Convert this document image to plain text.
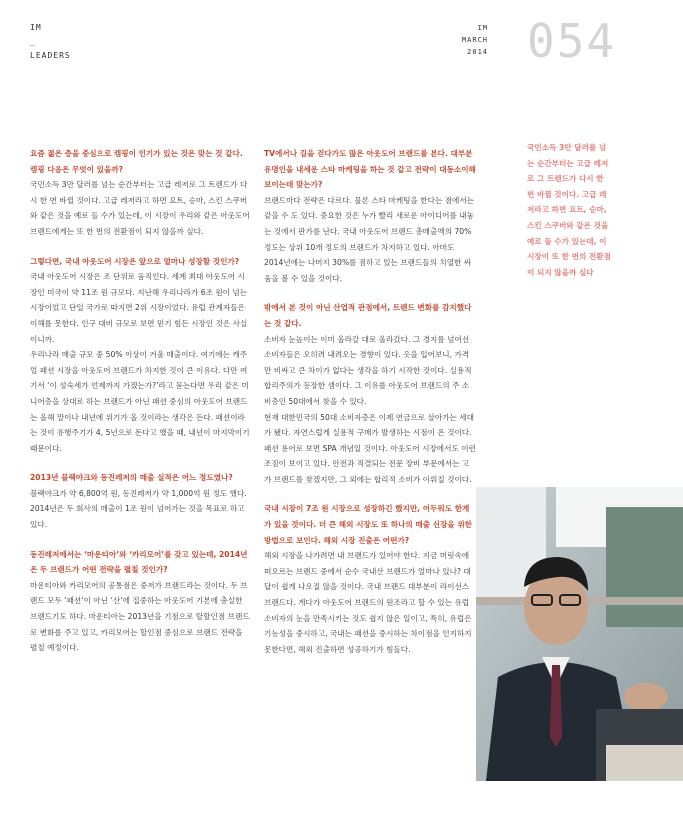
IM
_
LEADERS
IM
MARCH
2014 054
요즘 젊은 층을 중심으로 캠핑이 인기가 있는 것은 맞는 것 같다. 캠핑 다음은 무엇이 있을까?
국민소득 3만 달러를 넘는 순간부터는 고급 레저로 그 트렌드가 다시 한 번 바뀔 것이다. 고급 레저라고 하면 요트, 승마, 스킨 스쿠버와 같은 것을 예로 들 수가 있는데, 이 시장이 우리와 같은 아웃도어 브랜드에게는 또 한 번의 전환점이 되지 않을까 싶다.
그렇다면, 국내 아웃도어 시장은 앞으로 얼마나 성장할 것인가?
국내 아웃도어 시장은 조 단위로 움직인다. 세계 최대 아웃도어 시장인 미국이 약 11조 원 규모다. 지난해 우리나라가 6조 원이 넘는 시장이었고 단일 국가로 따지면 2위 시장이었다. 유럽 관계자들은 이해를 못한다. 인구 대비 규모로 보면 믿기 힘든 시장인 것은 사실이니까.
우리나라 매출 규모 중 50% 이상이 겨울 매출이다. 여기에는 캐주얼 패션 시장을 아웃도어 브랜드가 차지한 것이 큰 이유다. 다만 여기서 ‘이 성숙세가 언제까지 가겠는가?’라고 묻는다면 우리 같은 미니어층을 상대로 하는 브랜드가 아닌 패션 중심의 아웃도어 브랜드는 올해 말이나 내년에 위기가 올 것이라는 생각은 든다. 패션이라는 것이 유행주기가 4, 5년으로 돈다고 했을 때, 내년이 마지막이기 때문이다.
2013년 블랙야크와 동진레저의 매출 실적은 어느 정도였나?
블랙야크가 약 6,800억 원, 동진레저가 약 1,000억 원 정도 했다. 2014년은 두 회사의 매출이 1조 원이 넘어가는 것을 목표로 하고 있다.
동진레저에서는 ‘마운티아’와 ‘카리모어’를 갖고 있는데, 2014년은 두 브랜드가 어떤 전략을 펼칠 것인가?
마운티아와 카리모어의 공통점은 중저가 브랜드라는 것이다. 두 브랜드 모두 ‘패션’이 아닌 ‘산’에 집중하는 아웃도어 기본에 충실한 브랜드기도 하다. 마운티아는 2013년을 기점으로 탈할인점 브랜드로 변화를 주고 있고, 카리모어는 할인점 중심으로 브랜드 전략을 펼칠 예정이다.
TV에서나 길을 걷다가도 많은 아웃도어 브랜드를 본다. 대부분 유명인을 내세운 스타 마케팅을 하는 것 같고 전략이 대동소이해 보이는데 맞는가?
브랜드마다 전략은 다르다. 물론 스타 마케팅을 한다는 점에서는 같을 수 도 있다. 중요한 것은 누가 빨리 새로운 아이디어를 내놓는 것에서 판가름 난다. 국내 아웃도어 브랜드 총매출액의 70% 정도는 상위 10개 정도의 브랜드가 차지하고 있다. 아마도 2014년에는 나머지 30%를 점하고 있는 브랜드들의 치열한 싸움을 볼 수 있을 것이다.
밖에서 본 것이 아닌 산업적 관점에서, 트렌드 변화를 감지했다는 것 같다.
소비자 눈높이는 이미 올라갈 대로 올라갔다. 그 경지를 넘어선 소비자들은 오히려 내려오는 경향이 있다. 옷을 입어보니, 가격만 비싸고 큰 차이가 없다는 생각을 하기 시작한 것이다. 실용적 합리주의가 등장한 셈이다. 그 이유를 아웃도어 브랜드의 주 소비층인 50대에서 찾을 수 있다.
현재 대한민국의 50대 소비자층은 이제 연금으로 살아가는 세대가 됐다. 자연스럽게 실용적 구매가 발생하는 시점이 온 것이다. 패션 용어로 보면 SPA 개념일 것이다. 아웃도어 시장에서도 이런 조짐이 보이고 있다. 안전과 직결되는 전문 장비 부문에서는 고가 브랜드를 찾겠지만, 그 외에는 합리적 소비가 이뤄질 것이다.
국내 시장이 7조 원 시장으로 성장하긴 했지만, 어두워도 한계가 있을 것이다. 더 큰 해외 시장도 또 하나의 매출 신장을 위한 방법으로 보인다. 해외 시장 진출은 어떤가?
해외 시장을 나가려면 내 브랜드가 있어야 한다. 지금 머릿속에 떠오르는 브랜드 중에서 순수 국내산 브랜드가 얼마나 있나? 대답이 쉽게 나오질 않을 것이다. 국내 브랜드 대부분이 라이선스 브랜드다. 게다가 아웃도어 브랜드의 원조라고 할 수 있는 유럽 소비자의 눈을 만족시키는 것도 쉽지 않은 일이고, 특히, 유럽은 기능성을 중시하고, 국내는 패션을 중시하는 차이점을 인지하지 못한다면, 해외 진출하면 성공하기가 힘들다.
국민소득 3만 달러를 넘는 순간부터는 고급 레저로 그 트렌드가 다시 한 번 바뀔 것이다. 고급 레저라고 하면 요트, 승마, 스킨 스쿠버와 같은 것을 예로 들 수가 있는데, 이 시장이 또 한 번의 전환점이 되지 않을까 싶다
